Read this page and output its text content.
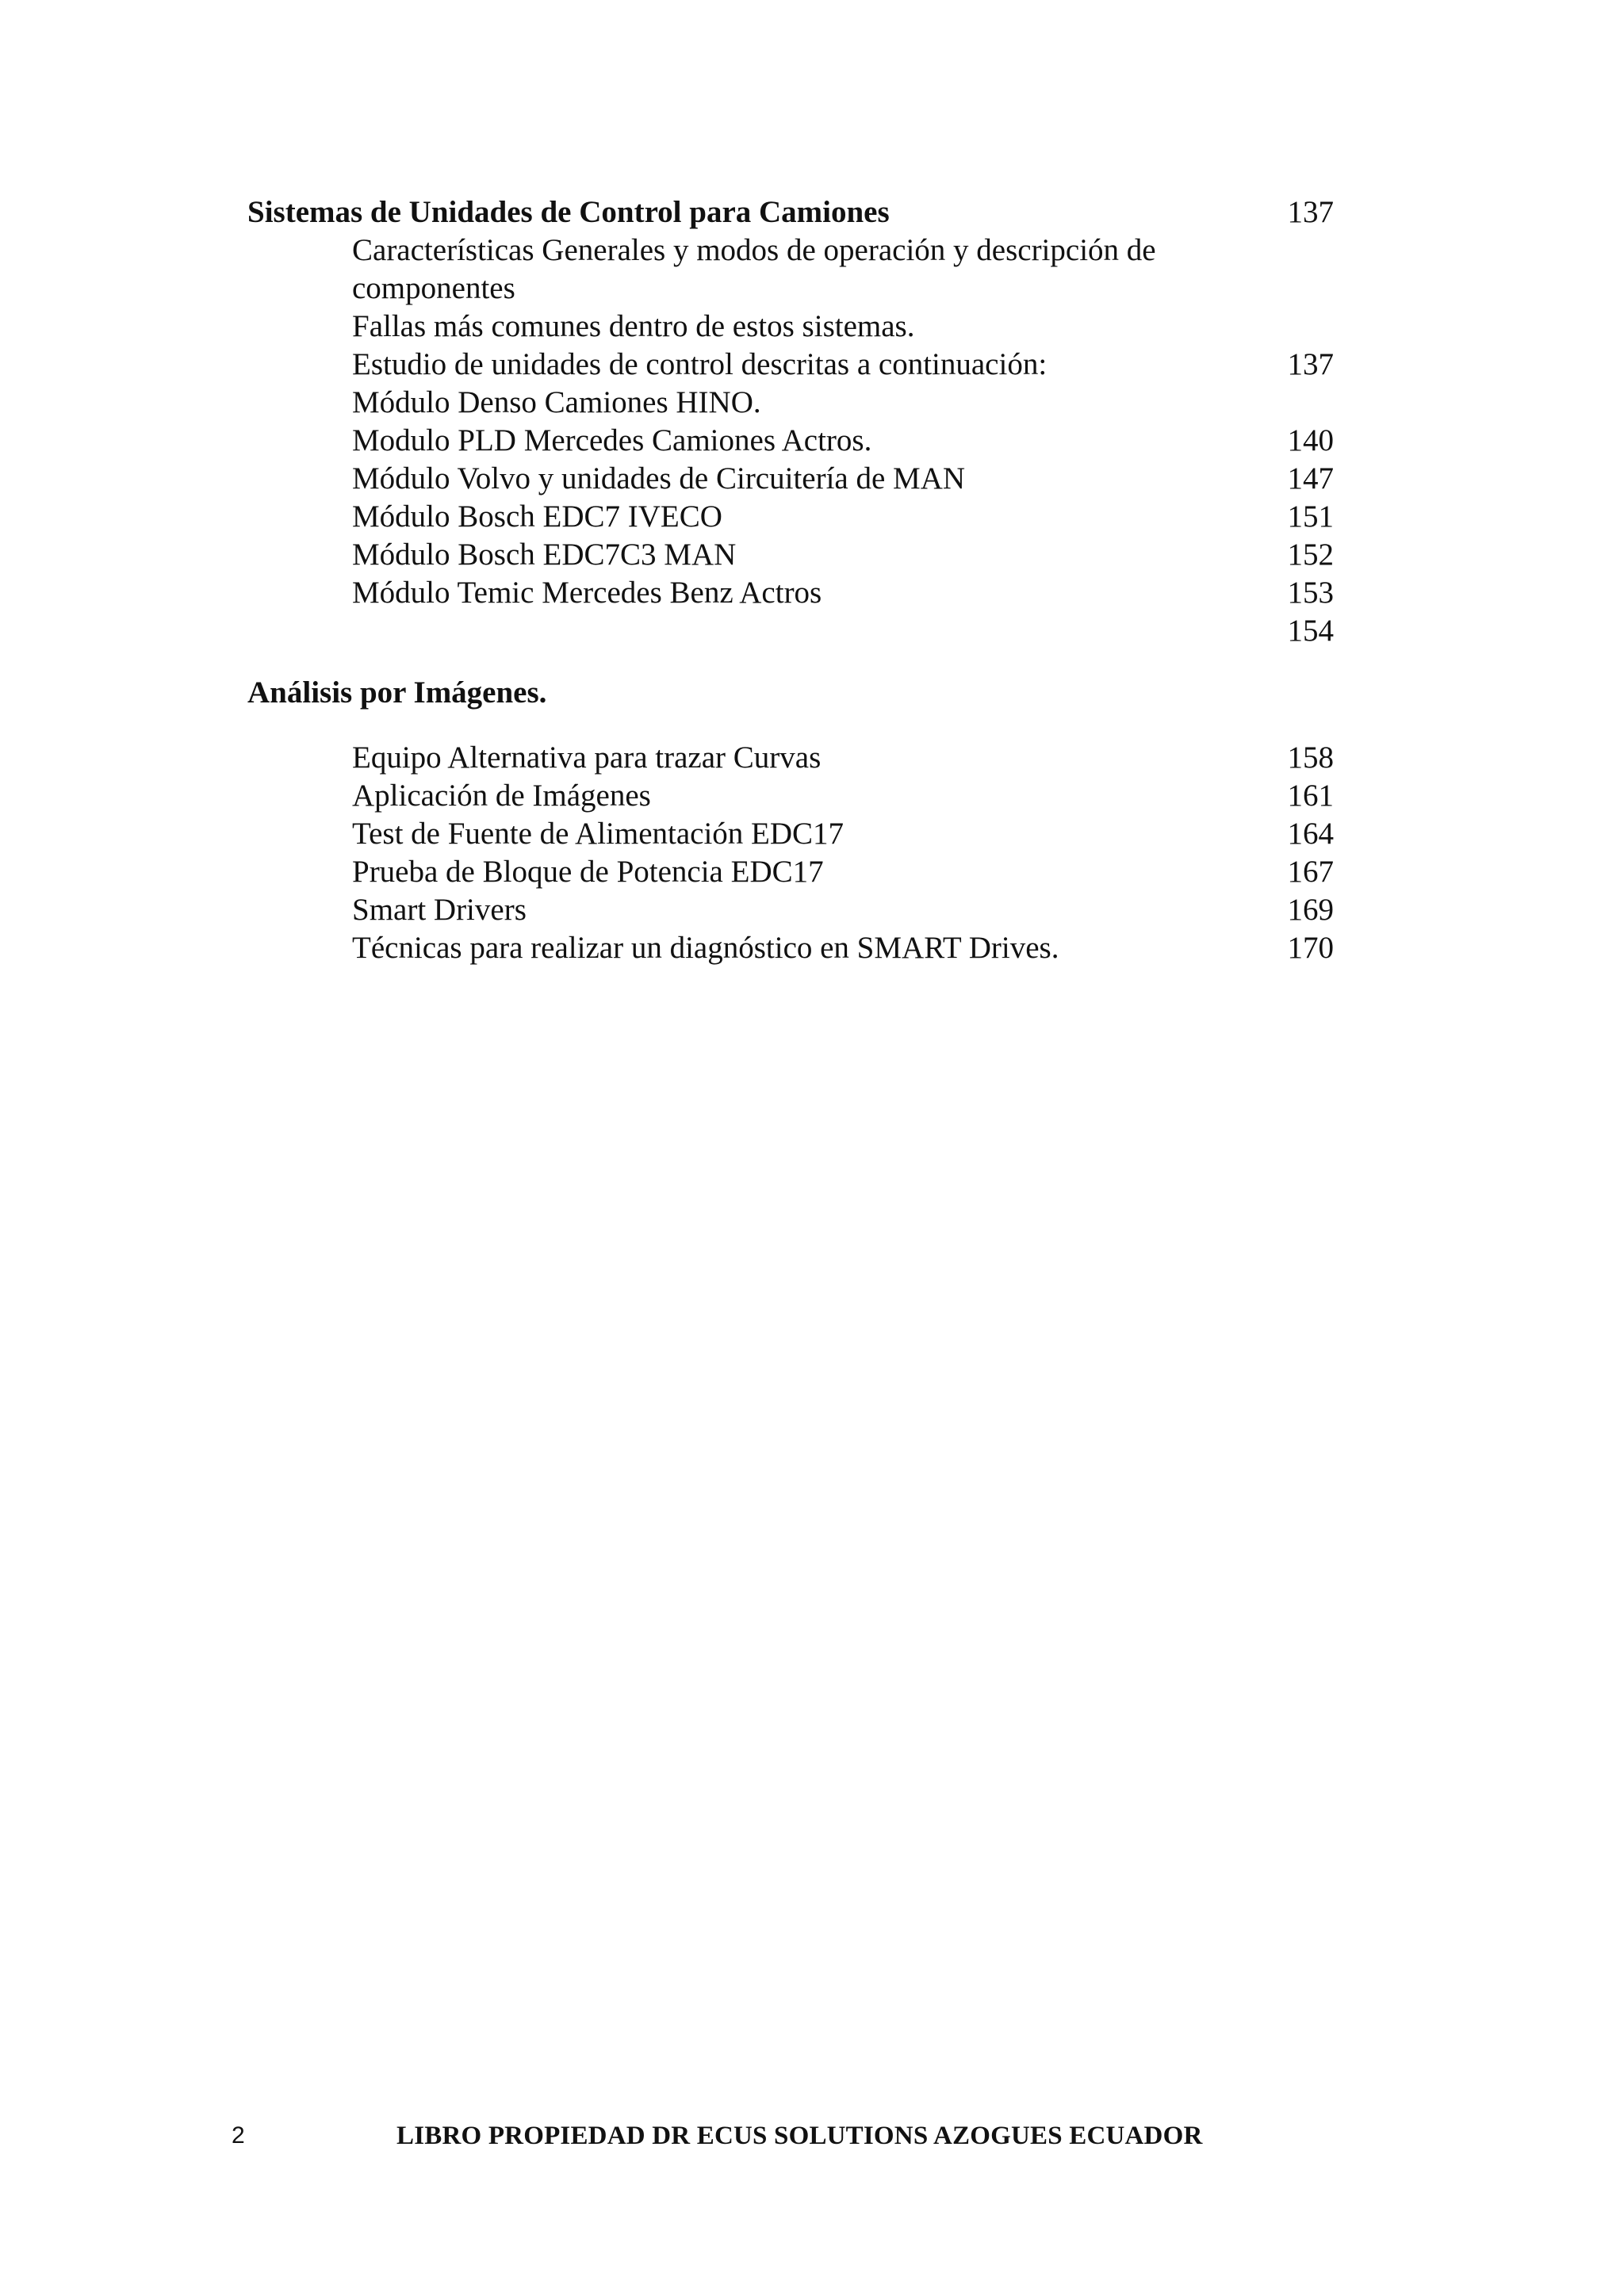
Sistemas de Unidades de Control para Camiones	137
Características Generales y modos de operación y descripción de
componentes
Fallas más comunes dentro de estos sistemas.
Estudio de unidades de control descritas a continuación:	137
Módulo Denso Camiones HINO.
Modulo PLD Mercedes Camiones Actros.	140
Módulo Volvo y unidades de Circuitería de MAN	147
Módulo Bosch EDC7 IVECO	151
Módulo Bosch EDC7C3 MAN	152
Módulo Temic Mercedes Benz Actros	153
154
Análisis por Imágenes.
Equipo Alternativa para trazar Curvas	158
Aplicación de Imágenes	161
Test de Fuente de Alimentación EDC17	164
Prueba de Bloque de Potencia EDC17	167
Smart Drivers	169
Técnicas para realizar un diagnóstico en SMART Drives.	170
2	LIBRO PROPIEDAD DR ECUS SOLUTIONS AZOGUES ECUADOR
